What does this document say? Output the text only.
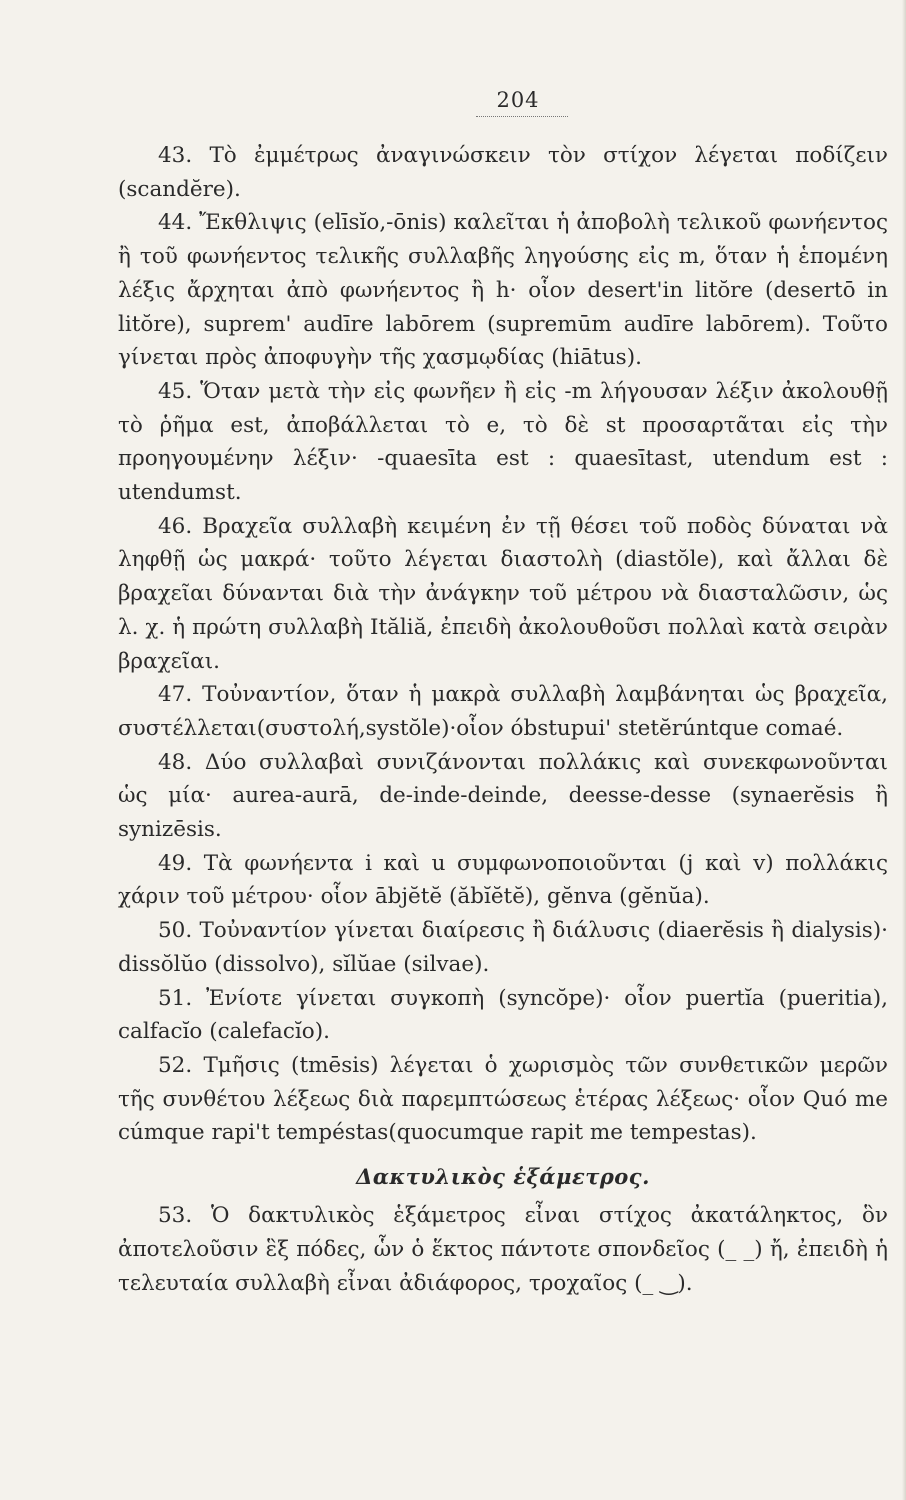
204

43. Τὸ ἐμμέτρως ἀναγινώσκειν τὸν στίχον λέγεται ποδίζειν (scandĕre).

44. Ἔκθλιψις (elīsĭo,-ōnis) καλεῖται ἡ ἀποβολὴ τελικοῦ φωνήεντος ἢ τοῦ φωνήεντος τελικῆς συλλαβῆς ληγούσης εἰς m, ὅταν ἡ ἑπομένη λέξις ἄρχηται ἀπὸ φωνήεντος ἢ h· οἷον desert'in litŏre (desertō in litŏre), suprem' audīre labōrem (supremūm audīre labōrem). Τοῦτο γίνεται πρὸς ἀποφυγὴν τῆς χασμῳδίας (hiātus).

45. Ὅταν μετὰ τὴν εἰς φωνῆεν ἢ εἰς -m λήγουσαν λέξιν ἀκολουθῇ τὸ ῥῆμα est, ἀποβάλλεται τὸ e, τὸ δὲ st προσαρτᾶται εἰς τὴν προηγουμένην λέξιν· -quaesīta est : quaesītast, utendum est : utendumst.

46. Βραχεῖα συλλαβὴ κειμένη ἐν τῇ θέσει τοῦ ποδὸς δύναται νὰ ληφθῇ ὡς μακρά· τοῦτο λέγεται διαστολὴ (diastŏle), καὶ ἄλλαι δὲ βραχεῖαι δύνανται διὰ τὴν ἀνάγκην τοῦ μέτρου νὰ διασταλῶσιν, ὡς λ. χ. ἡ πρώτη συλλαβὴ Ităliă, ἐπειδὴ ἀκολουθοῦσι πολλαὶ κατὰ σειρὰν βραχεῖαι.

47. Τοὐναντίον, ὅταν ἡ μακρὰ συλλαβὴ λαμβάνηται ὡς βραχεῖα, συστέλλεται(συστολή,systŏle)·οἷον óbstupui' stetĕrúntque comaé.

48. Δύο συλλαβαὶ συνιζάνονται πολλάκις καὶ συνεκφωνοῦνται ὡς μία· aurea-aurā, de-inde-deinde, deesse-desse (synaerĕsis ἢ synizēsis.

49. Τὰ φωνήεντα i καὶ u συμφωνοποιοῦνται (j καὶ v) πολλάκις χάριν τοῦ μέτρου· οἷον ābjĕtĕ (ăbĭĕtĕ), gĕnva (gĕnŭa).

50. Τοὐναντίον γίνεται διαίρεσις ἢ διάλυσις (diaerĕsis ἢ dialysis)· dissŏlŭo (dissolvo), sĭlŭae (silvae).

51. Ἐνίοτε γίνεται συγκοπὴ (syncŏpe)· οἷον puertĭa (pueritia), calfacĭo (calefacĭo).

52. Τμῆσις (tmēsis) λέγεται ὁ χωρισμὸς τῶν συνθετικῶν μερῶν τῆς συνθέτου λέξεως διὰ παρεμπτώσεως ἑτέρας λέξεως· οἷον Quó me cúmque rapi't tempéstas(quocumque rapit me tempestas).

Δακτυλικὸς ἑξάμετρος.

53. Ὁ δακτυλικὸς ἑξάμετρος εἶναι στίχος ἀκατάληκτος, ὃν ἀποτελοῦσιν ἓξ πόδες, ὧν ὁ ἕκτος πάντοτε σπονδεῖος (_ _) ἤ, ἐπειδὴ ἡ τελευταία συλλαβὴ εἶναι ἀδιάφορος, τροχαῖος (_ ‿).
